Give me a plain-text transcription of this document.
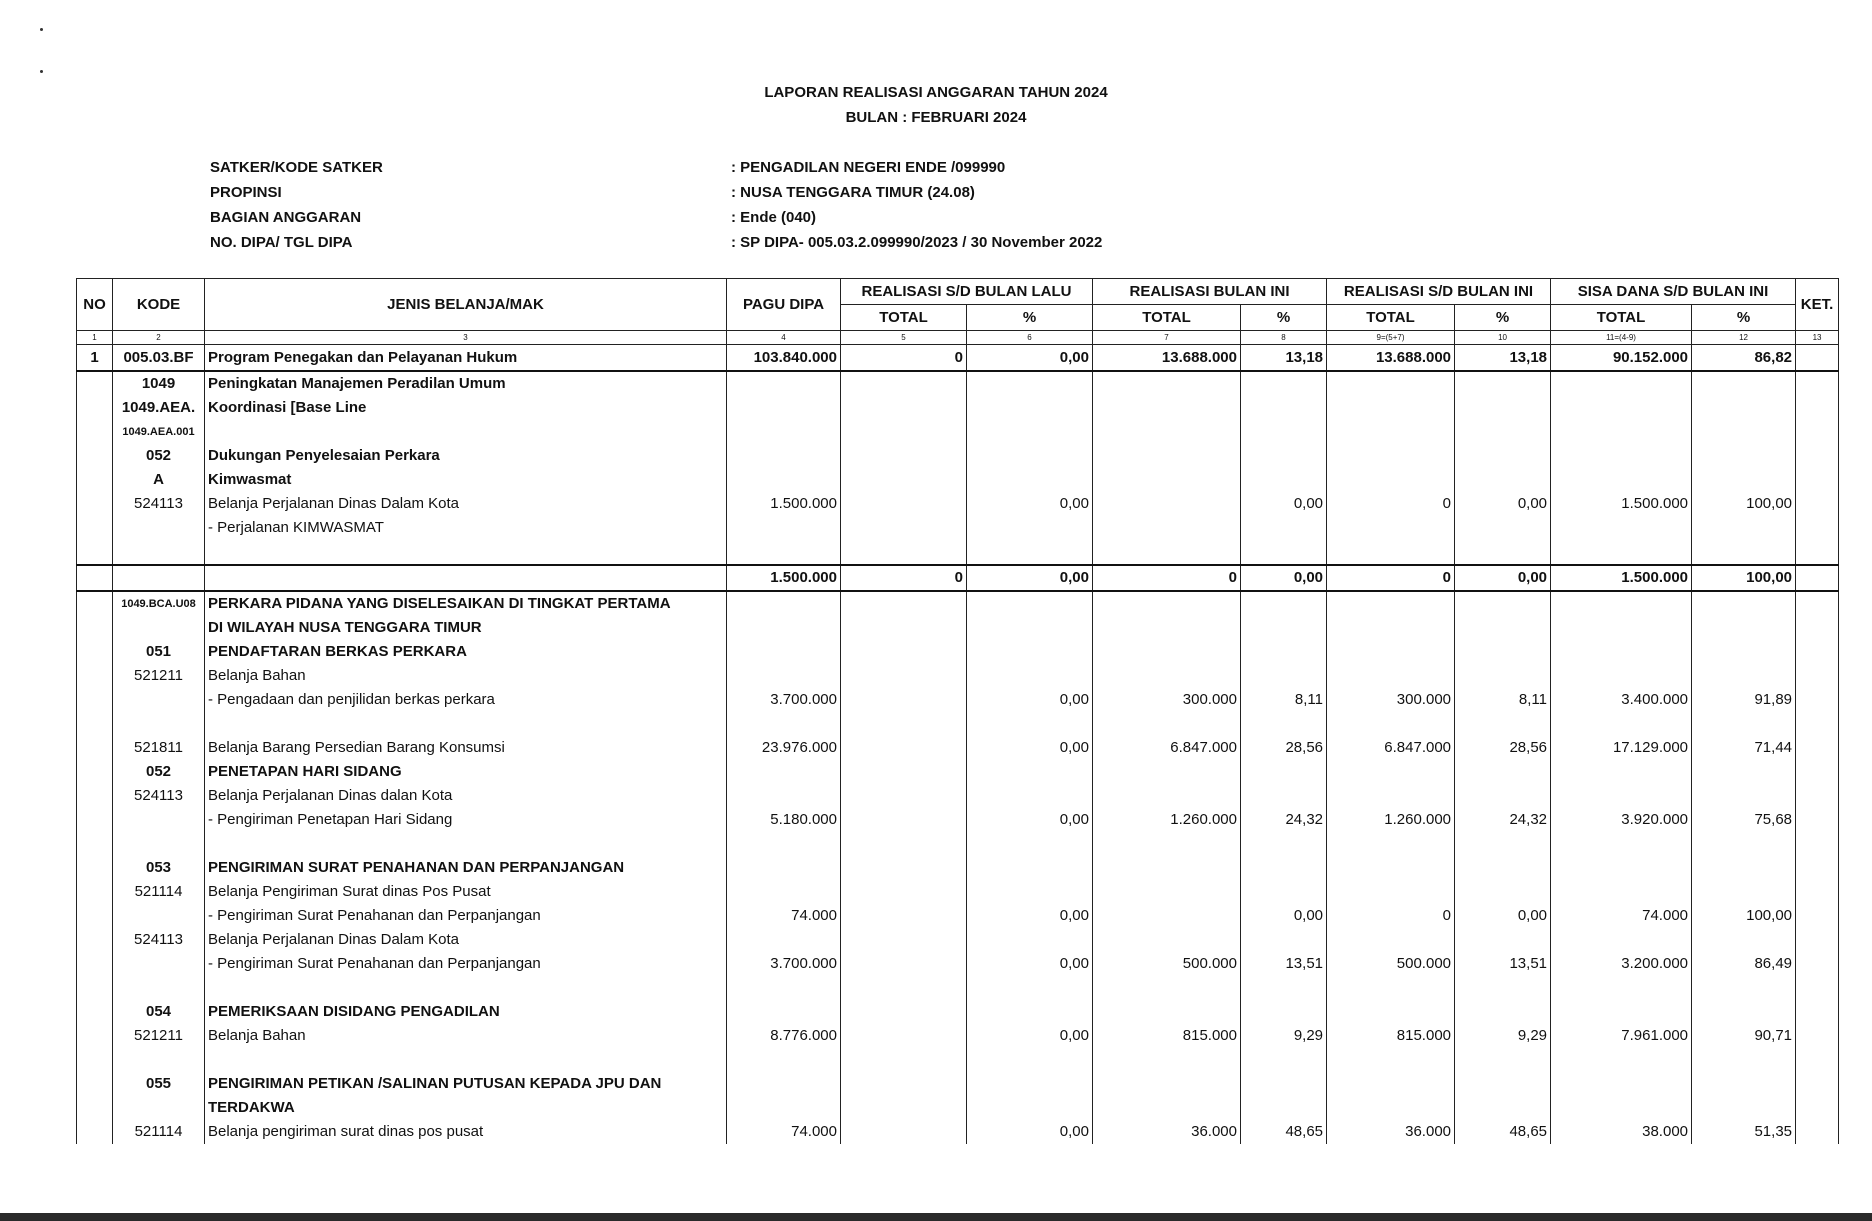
LAPORAN REALISASI ANGGARAN TAHUN 2024
BULAN : FEBRUARI 2024
SATKER/KODE SATKER
PROPINSI
BAGIAN ANGGARAN
NO. DIPA/ TGL DIPA
: PENGADILAN NEGERI ENDE /099990
: NUSA TENGGARA TIMUR (24.08)
: Ende (040)
: SP DIPA- 005.03.2.099990/2023 / 30 November 2022
NO	KODE	JENIS BELANJA/MAK	PAGU DIPA	REALISASI S/D BULAN LALU		REALISASI BULAN INI		REALISASI S/D BULAN INI		SISA DANA S/D BULAN INI		KET.
				TOTAL	%	TOTAL	%	TOTAL	%	TOTAL	%	
1	2	3	4	5	6	7	8	9=(5+7)	10	11=(4-9)	12	13
1	005.03.BF	Program Penegakan dan Pelayanan Hukum	103.840.000	0	0,00	13.688.000	13,18	13.688.000	13,18	90.152.000	86,82	
	1049	Peningkatan Manajemen Peradilan Umum										
	1049.AEA.	Koordinasi [Base Line										
	1049.AEA.001											
	052	Dukungan Penyelesaian Perkara										
	A	Kimwasmat										
	524113	Belanja Perjalanan Dinas Dalam Kota	1.500.000		0,00		0,00	0	0,00	1.500.000	100,00	
		- Perjalanan KIMWASMAT										

			1.500.000	0	0,00	0	0,00	0	0,00	1.500.000	100,00	
	1049.BCA.U08	PERKARA PIDANA YANG DISELESAIKAN DI TINGKAT PERTAMA										
		DI WILAYAH NUSA TENGGARA TIMUR										
	051	PENDAFTARAN BERKAS PERKARA										
	521211	Belanja Bahan										
		- Pengadaan dan penjilidan berkas perkara	3.700.000		0,00	300.000	8,11	300.000	8,11	3.400.000	91,89	

	521811	Belanja Barang Persedian Barang Konsumsi	23.976.000		0,00	6.847.000	28,56	6.847.000	28,56	17.129.000	71,44	
	052	PENETAPAN HARI SIDANG										
	524113	Belanja Perjalanan Dinas dalan Kota										
		- Pengiriman Penetapan Hari Sidang	5.180.000		0,00	1.260.000	24,32	1.260.000	24,32	3.920.000	75,68	

	053	PENGIRIMAN SURAT PENAHANAN DAN PERPANJANGAN										
	521114	Belanja Pengiriman Surat dinas Pos Pusat										
		- Pengiriman Surat Penahanan dan Perpanjangan	74.000		0,00		0,00	0	0,00	74.000	100,00	
	524113	Belanja Perjalanan Dinas Dalam Kota										
		- Pengiriman Surat Penahanan dan Perpanjangan	3.700.000		0,00	500.000	13,51	500.000	13,51	3.200.000	86,49	

	054	PEMERIKSAAN DISIDANG PENGADILAN										
	521211	Belanja Bahan	8.776.000		0,00	815.000	9,29	815.000	9,29	7.961.000	90,71	

	055	PENGIRIMAN PETIKAN /SALINAN PUTUSAN KEPADA JPU DAN										
		TERDAKWA										
	521114	Belanja pengiriman surat dinas pos pusat	74.000		0,00	36.000	48,65	36.000	48,65	38.000	51,35	
